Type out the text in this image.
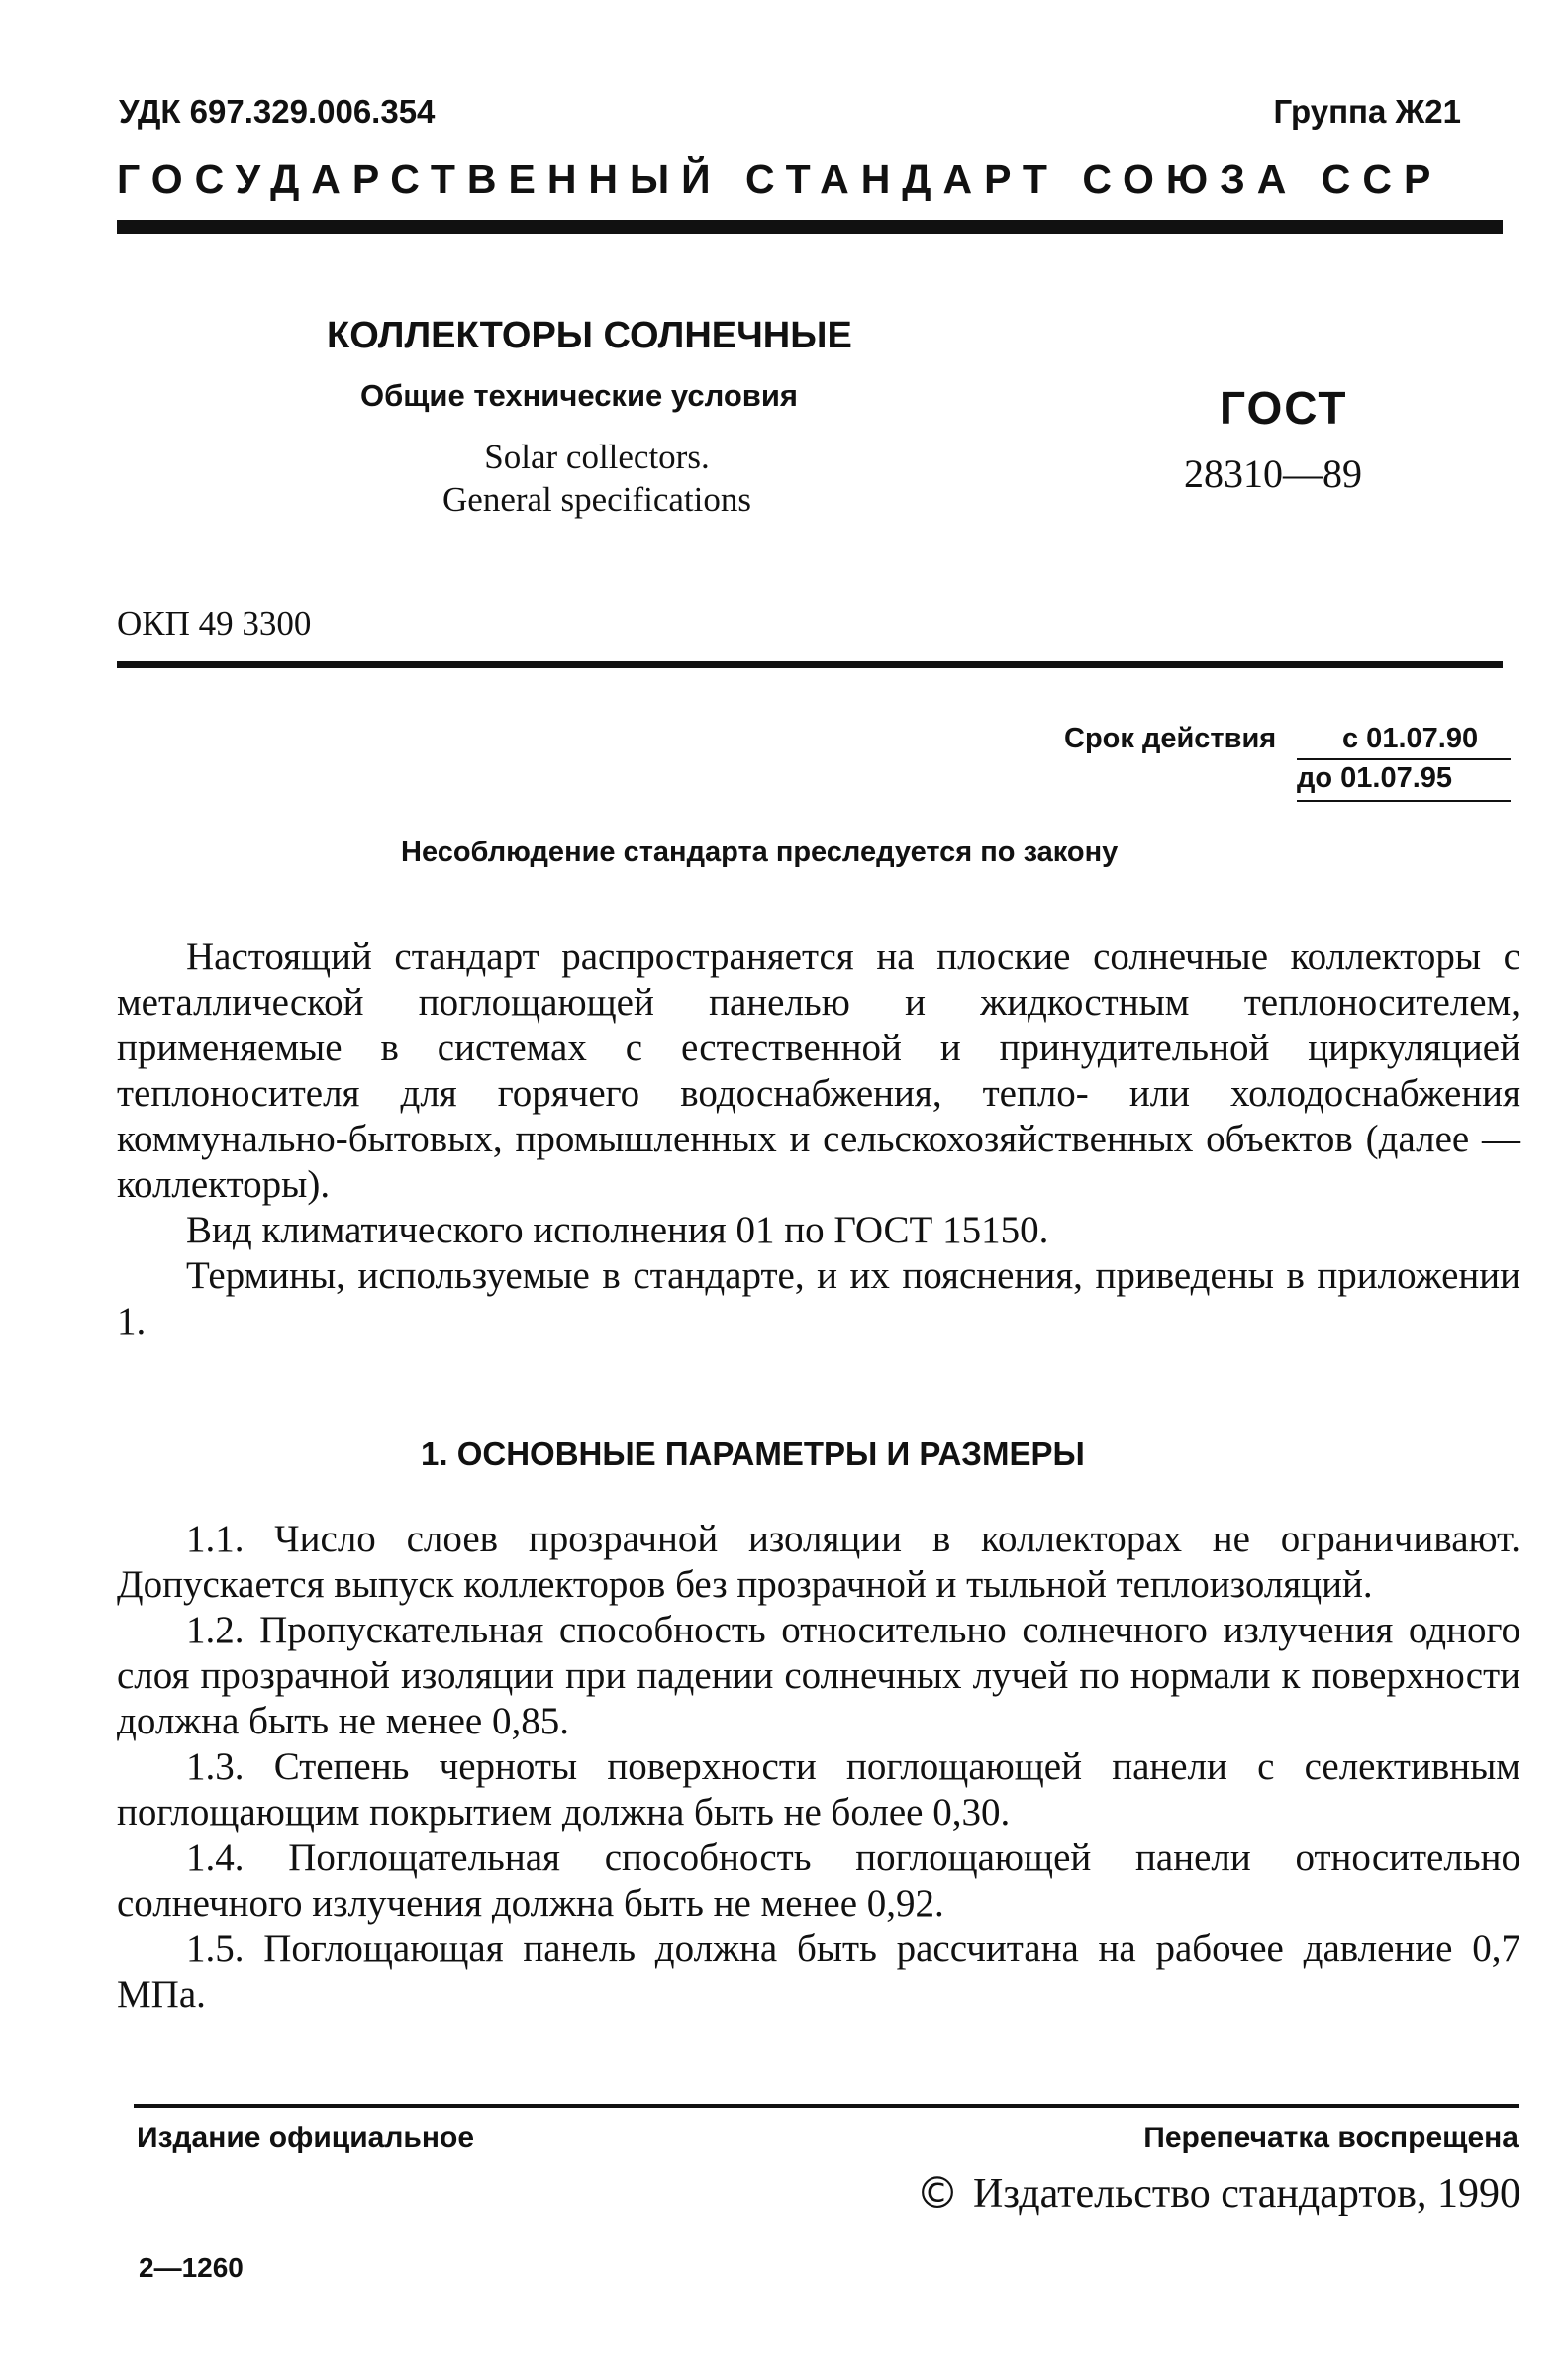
УДК 697.329.006.354	Группа Ж21
ГОСУДАРСТВЕННЫЙ СТАНДАРТ СОЮЗА ССР
КОЛЛЕКТОРЫ СОЛНЕЧНЫЕ
Общие технические условия
Solar collectors.
General specifications
ГОСТ
28310—89
ОКП 49 3300
Срок действия с 01.07.90
до 01.07.95
Несоблюдение стандарта преследуется по закону

Настоящий стандарт распространяется на плоские солнечные коллекторы с металлической поглощающей панелью и жидкостным теплоносителем, применяемые в системах с естественной и принудительной циркуляцией теплоносителя для горячего водоснабжения, тепло- или холодоснабжения коммунально-бытовых, промышленных и сельскохозяйственных объектов (далее — коллекторы).

Вид климатического исполнения 01 по ГОСТ 15150.

Термины, используемые в стандарте, и их пояснения, приведены в приложении 1.

1. ОСНОВНЫЕ ПАРАМЕТРЫ И РАЗМЕРЫ

1.1. Число слоев прозрачной изоляции в коллекторах не ограничивают. Допускается выпуск коллекторов без прозрачной и тыльной теплоизоляций.

1.2. Пропускательная способность относительно солнечного излучения одного слоя прозрачной изоляции при падении солнечных лучей по нормали к поверхности должна быть не менее 0,85.

1.3. Степень черноты поверхности поглощающей панели с селективным поглощающим покрытием должна быть не более 0,30.

1.4. Поглощательная способность поглощающей панели относительно солнечного излучения должна быть не менее 0,92.

1.5. Поглощающая панель должна быть рассчитана на рабочее давление 0,7 МПа.

Издание официальное	Перепечатка воспрещена
© Издательство стандартов, 1990
2—1260
